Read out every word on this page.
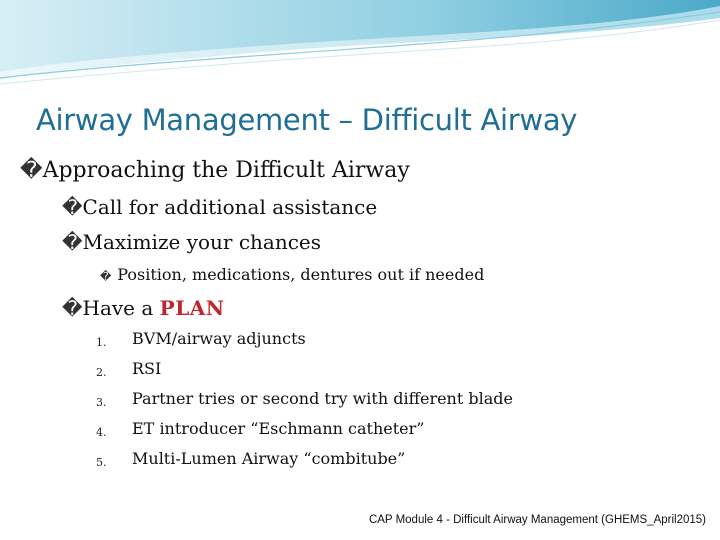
Airway Management – Difficult Airway
�Approaching the Difficult Airway
�Call for additional assistance
�Maximize your chances
� Position, medications, dentures out if needed
�Have a PLAN
1. BVM/airway adjuncts
2. RSI
3. Partner tries or second try with different blade
4. ET introducer “Eschmann catheter”
5. Multi-Lumen Airway “combitube”
CAP Module 4 - Difficult Airway Management (GHEMS_April2015)
